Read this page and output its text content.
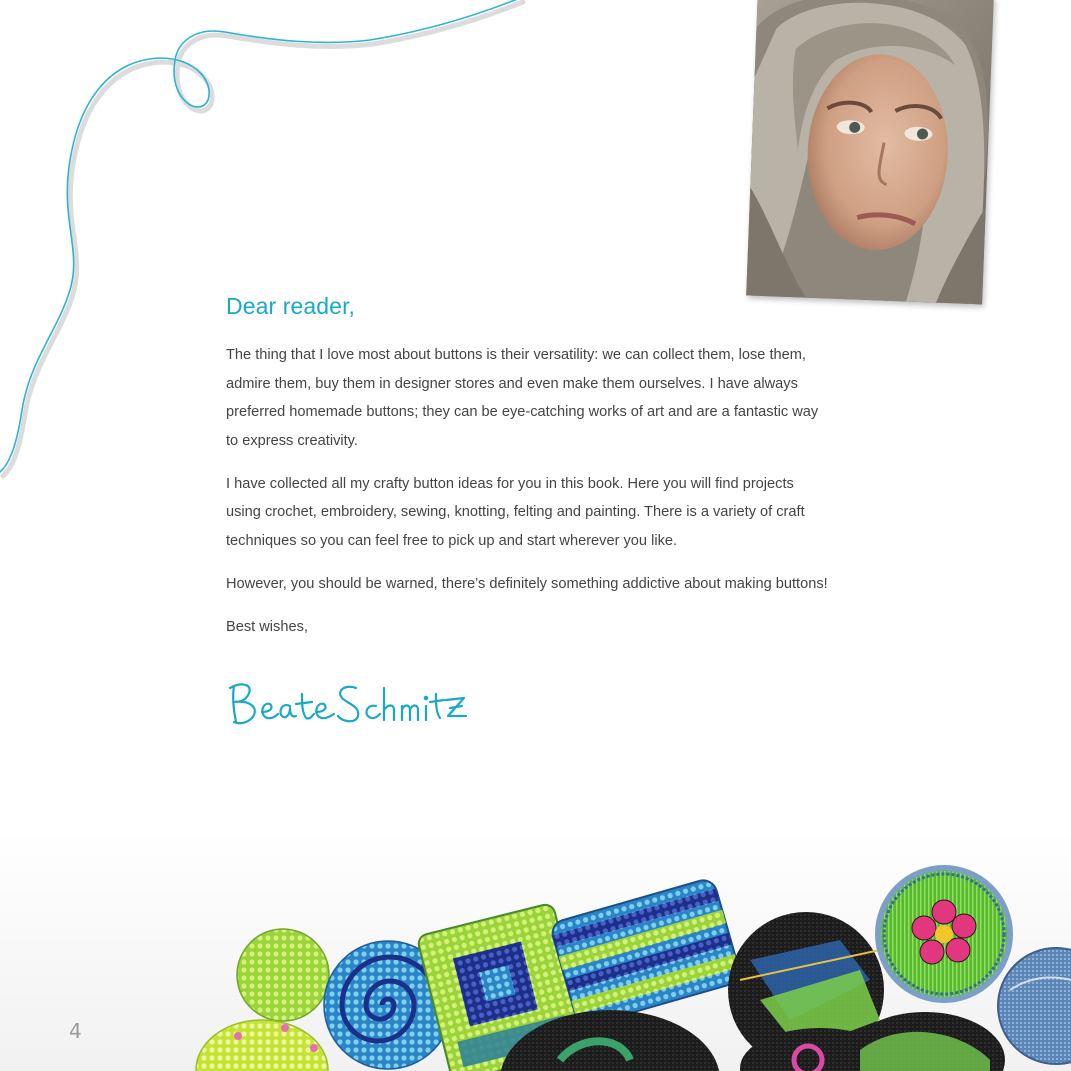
Dear reader,

The thing that I love most about buttons is their versatility: we can collect them, lose them, admire them, buy them in designer stores and even make them ourselves. I have always preferred homemade buttons; they can be eye-catching works of art and are a fantastic way to express creativity.

I have collected all my crafty button ideas for you in this book. Here you will find projects using crochet, embroidery, sewing, knotting, felting and painting. There is a variety of craft techniques so you can feel free to pick up and start wherever you like.

However, you should be warned, there’s definitely something addictive about making buttons!

Best wishes,

4
